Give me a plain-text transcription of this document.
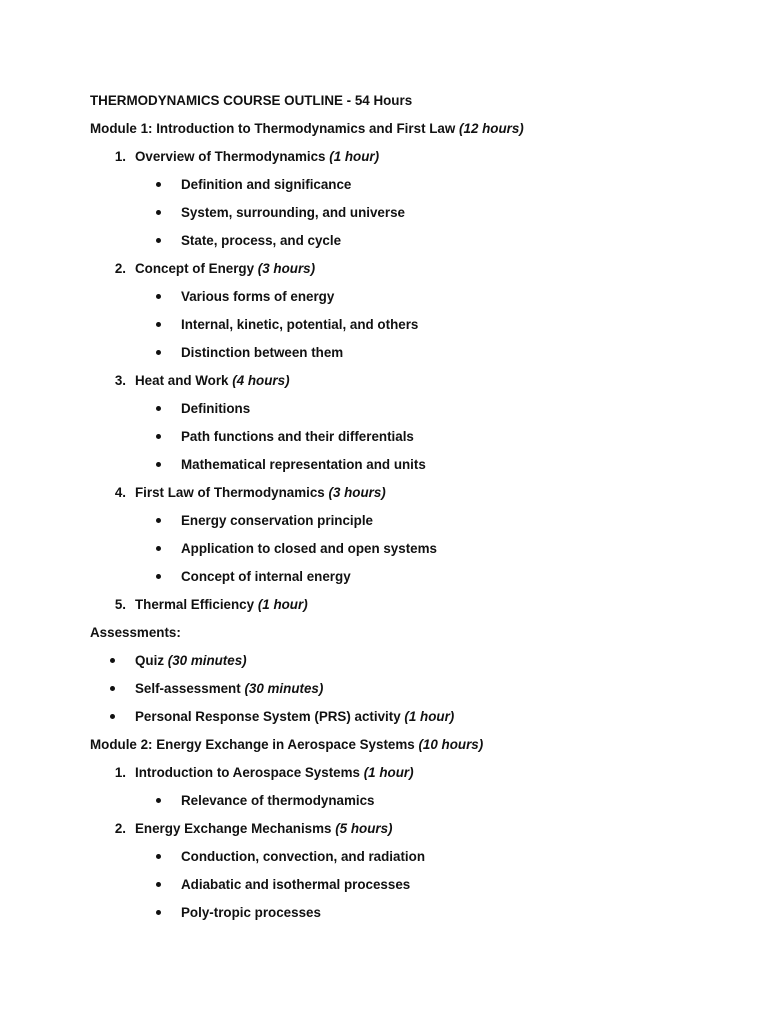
THERMODYNAMICS COURSE OUTLINE - 54 Hours
Module 1: Introduction to Thermodynamics and First Law (12 hours)
1. Overview of Thermodynamics (1 hour)
Definition and significance
System, surrounding, and universe
State, process, and cycle
2. Concept of Energy (3 hours)
Various forms of energy
Internal, kinetic, potential, and others
Distinction between them
3. Heat and Work (4 hours)
Definitions
Path functions and their differentials
Mathematical representation and units
4. First Law of Thermodynamics (3 hours)
Energy conservation principle
Application to closed and open systems
Concept of internal energy
5. Thermal Efficiency (1 hour)
Assessments:
Quiz (30 minutes)
Self-assessment (30 minutes)
Personal Response System (PRS) activity (1 hour)
Module 2: Energy Exchange in Aerospace Systems (10 hours)
1. Introduction to Aerospace Systems (1 hour)
Relevance of thermodynamics
2. Energy Exchange Mechanisms (5 hours)
Conduction, convection, and radiation
Adiabatic and isothermal processes
Poly-tropic processes
